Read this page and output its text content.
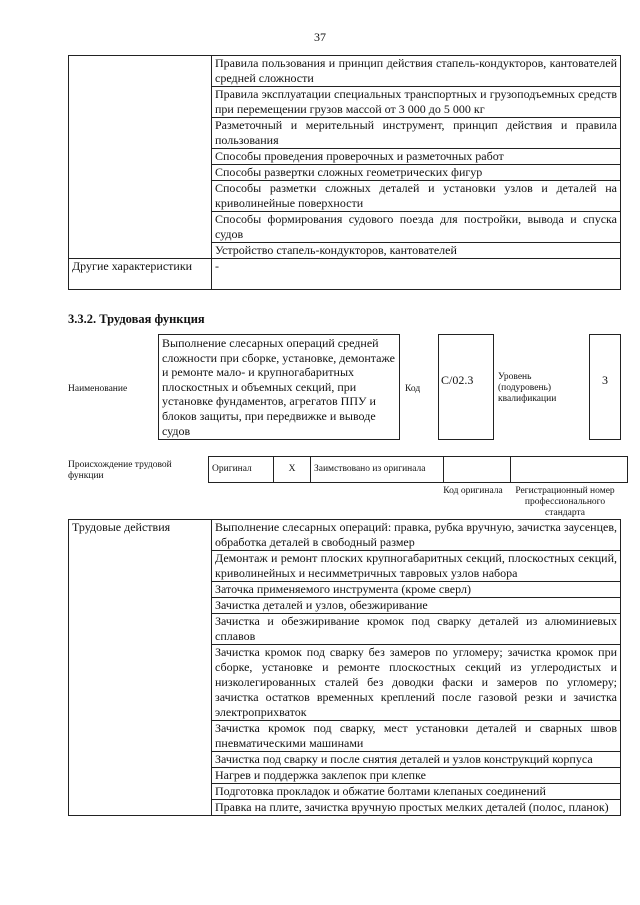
37
	Правила пользования и принцип действия стапель-кондукторов, кантователей средней сложности
	Правила эксплуатации специальных транспортных и грузоподъемных средств при перемещении грузов массой от 3 000 до 5 000 кг
	Разметочный и мерительный инструмент, принцип действия и правила пользования
	Способы проведения проверочных и разметочных работ
	Способы развертки сложных геометрических фигур
	Способы разметки сложных деталей и установки узлов и деталей на криволинейные поверхности
	Способы формирования судового поезда для постройки, вывода и спуска судов
	Устройство стапель-кондукторов, кантователей
Другие характеристики	-
3.3.2. Трудовая функция
Наименование
Выполнение слесарных операций средней сложности при сборке, установке, демонтаже и ремонте мало- и крупногабаритных плоскостных и объемных секций, при установке фундаментов, агрегатов ППУ и блоков защиты, при передвижке и выводе судов
Код
C/02.3	Уровень (подуровень) квалификации
3
Происхождение трудовой функции
Оригинал	X	Заимствовано из оригинала		
Код оригинала	Регистрационный номер профессионального стандарта
Трудовые действия	Выполнение слесарных операций: правка, рубка вручную, зачистка заусенцев, обработка деталей в свободный размер
Демонтаж и ремонт плоских крупногабаритных секций, плоскостных секций, криволинейных и несимметричных тавровых узлов набора
Заточка применяемого инструмента (кроме сверл)
Зачистка деталей и узлов, обезжиривание
Зачистка и обезжиривание кромок под сварку деталей из алюминиевых сплавов
Зачистка кромок под сварку без замеров по угломеру; зачистка кромок при сборке, установке и ремонте плоскостных секций из углеродистых и низколегированных сталей без доводки фаски и замеров по угломеру; зачистка остатков временных креплений после газовой резки и зачистка электроприхваток
Зачистка кромок под сварку, мест установки деталей и сварных швов пневматическими машинами
Зачистка под сварку и после снятия деталей и узлов конструкций корпуса
Нагрев и поддержка заклепок при клепке
Подготовка прокладок и обжатие болтами клепаных соединений
Правка на плите, зачистка вручную простых мелких деталей (полос, планок)
